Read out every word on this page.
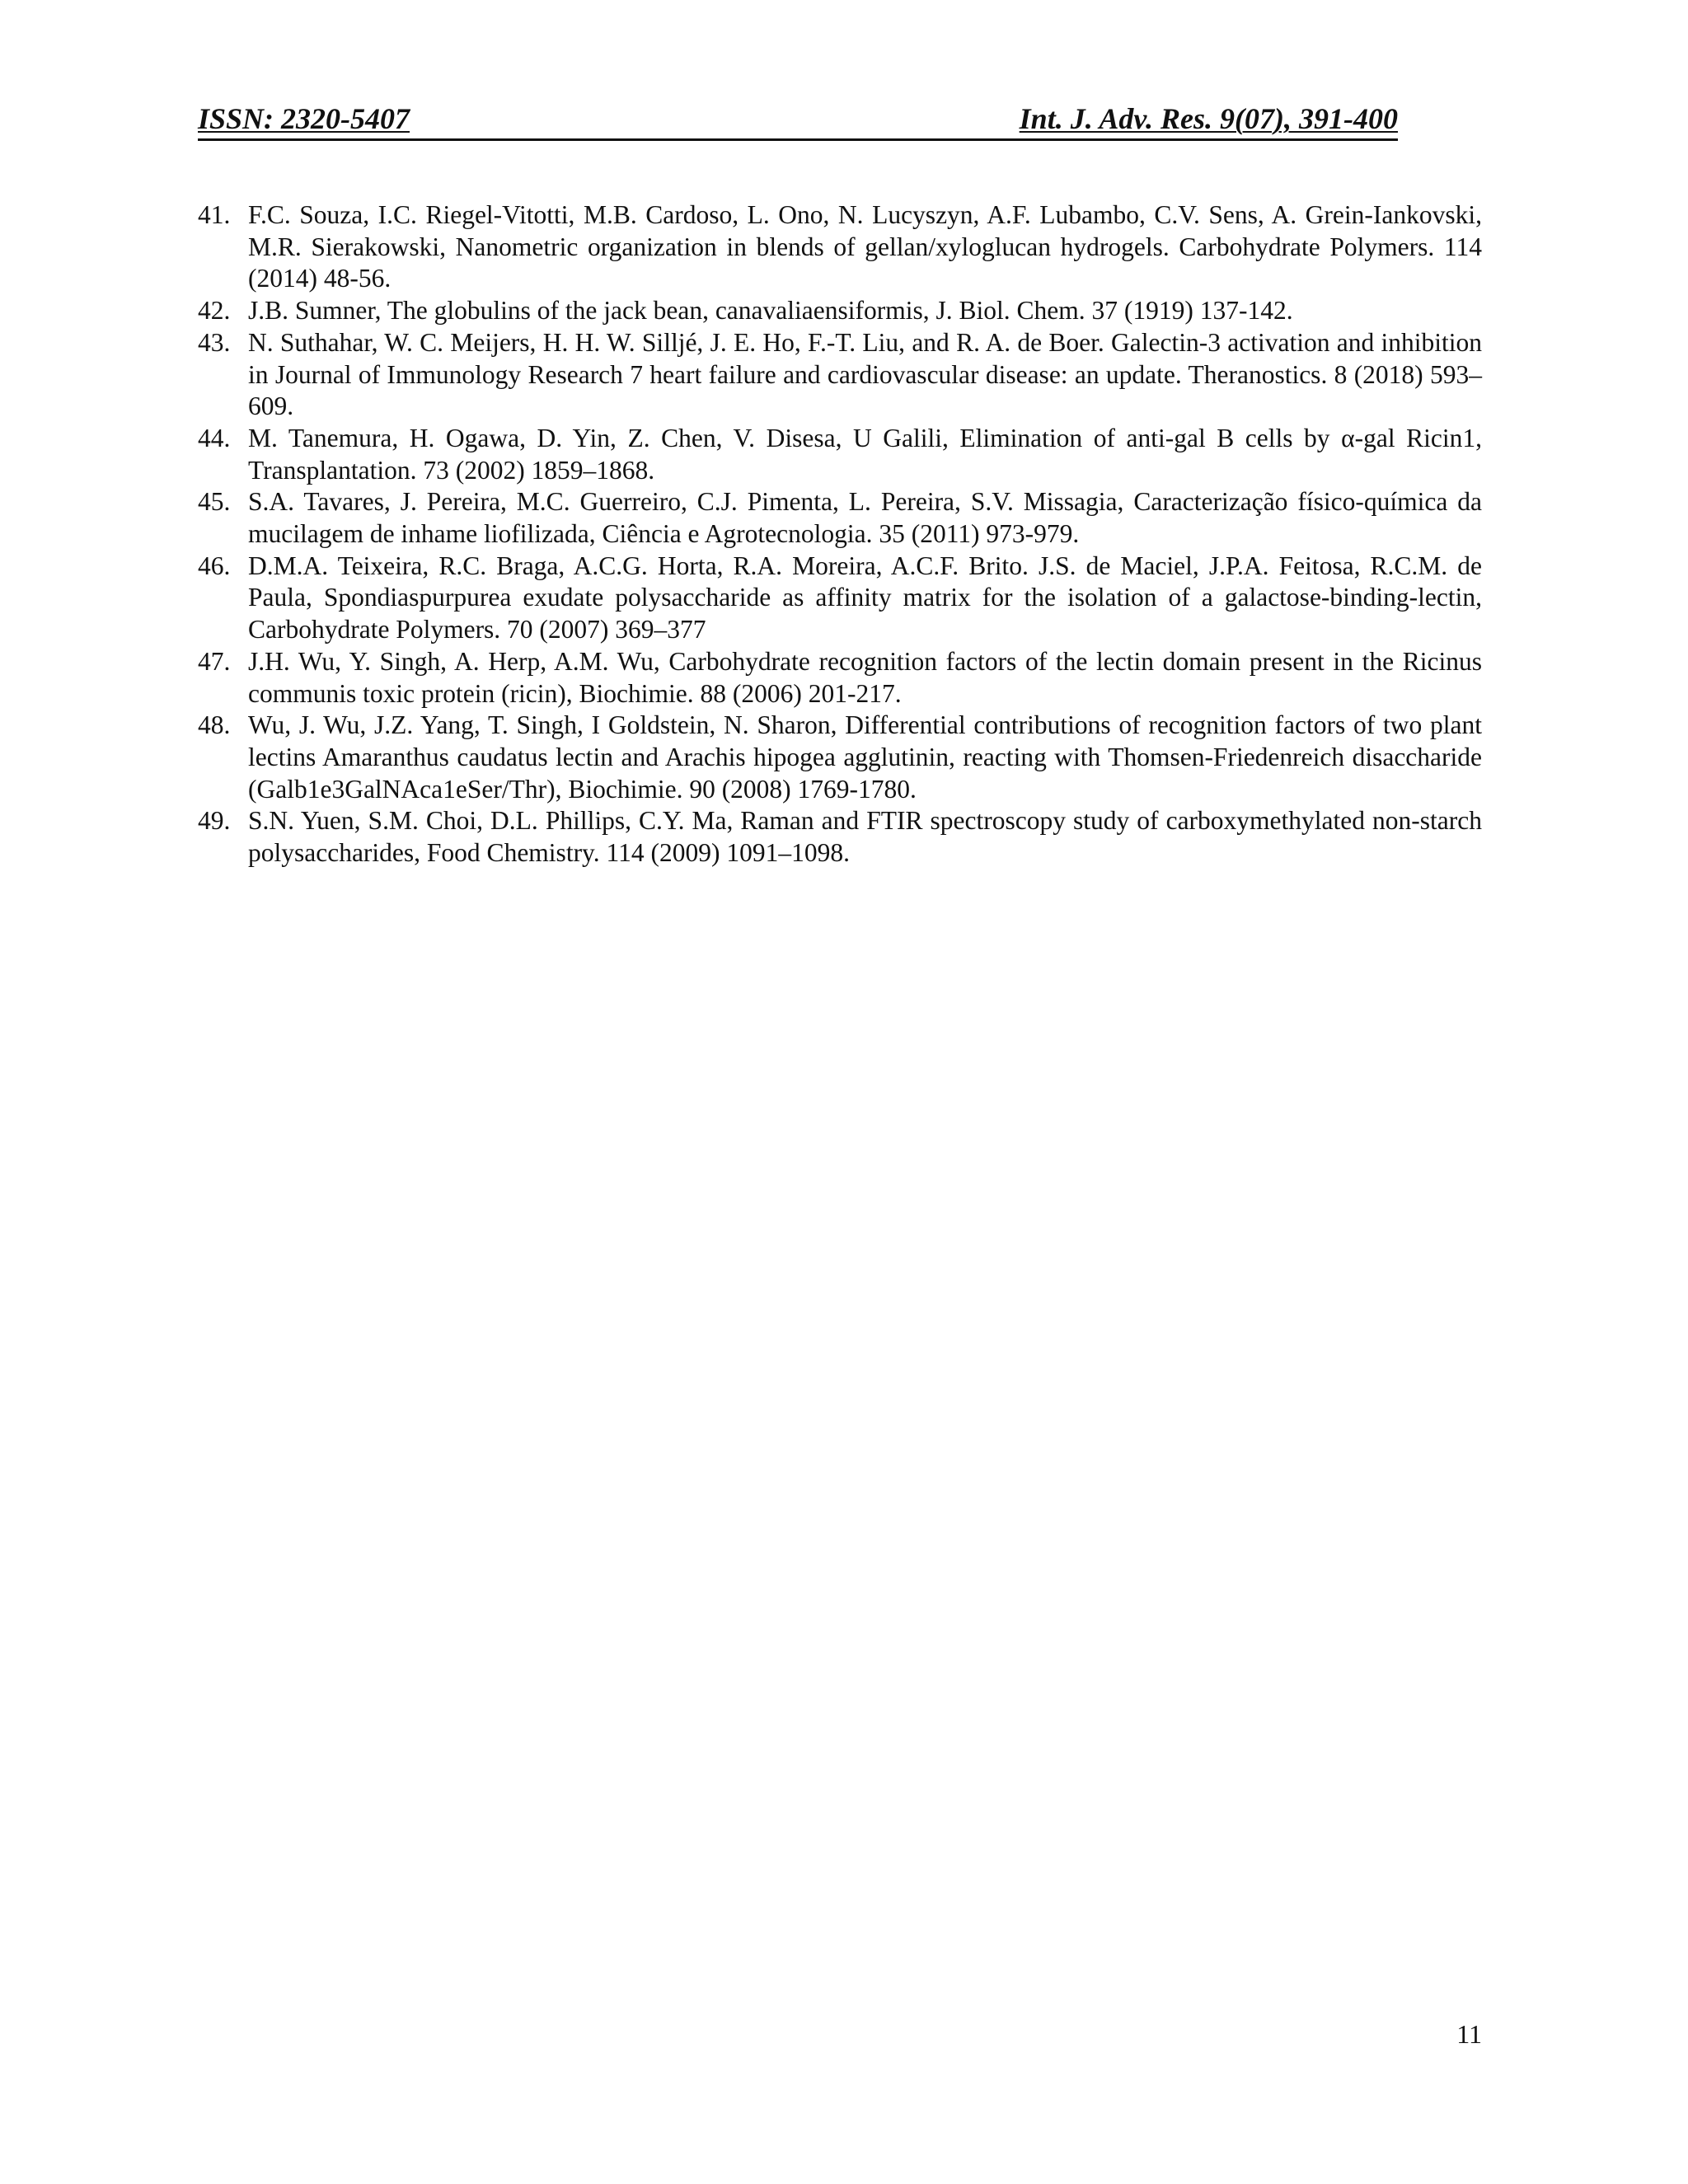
ISSN: 2320-5407	Int. J. Adv. Res. 9(07), 391-400
41. F.C. Souza, I.C. Riegel-Vitotti, M.B. Cardoso, L. Ono, N. Lucyszyn, A.F. Lubambo, C.V. Sens, A. Grein-Iankovski, M.R. Sierakowski, Nanometric organization in blends of gellan/xyloglucan hydrogels. Carbohydrate Polymers. 114 (2014) 48-56.
42. J.B. Sumner, The globulins of the jack bean, canavaliaensiformis, J. Biol. Chem. 37 (1919) 137-142.
43. N. Suthahar, W. C. Meijers, H. H. W. Silljé, J. E. Ho, F.-T. Liu, and R. A. de Boer. Galectin-3 activation and inhibition in Journal of Immunology Research 7 heart failure and cardiovascular disease: an update. Theranostics. 8 (2018) 593–609.
44. M. Tanemura, H. Ogawa, D. Yin, Z. Chen, V. Disesa, U Galili, Elimination of anti-gal B cells by α-gal Ricin1, Transplantation. 73 (2002) 1859–1868.
45. S.A. Tavares, J. Pereira, M.C. Guerreiro, C.J. Pimenta, L. Pereira, S.V. Missagia, Caracterização físico-química da mucilagem de inhame liofilizada, Ciência e Agrotecnologia. 35 (2011) 973-979.
46. D.M.A. Teixeira, R.C. Braga, A.C.G. Horta, R.A. Moreira, A.C.F. Brito. J.S. de Maciel, J.P.A. Feitosa, R.C.M. de Paula, Spondiaspurpurea exudate polysaccharide as affinity matrix for the isolation of a galactose-binding-lectin, Carbohydrate Polymers. 70 (2007) 369–377
47. J.H. Wu, Y. Singh, A. Herp, A.M. Wu, Carbohydrate recognition factors of the lectin domain present in the Ricinus communis toxic protein (ricin), Biochimie. 88 (2006) 201-217.
48. Wu, J. Wu, J.Z. Yang, T. Singh, I Goldstein, N. Sharon, Differential contributions of recognition factors of two plant lectins Amaranthus caudatus lectin and Arachis hipogea agglutinin, reacting with Thomsen-Friedenreich disaccharide (Galb1e3GalNAca1eSer/Thr), Biochimie. 90 (2008) 1769-1780.
49. S.N. Yuen, S.M. Choi, D.L. Phillips, C.Y. Ma, Raman and FTIR spectroscopy study of carboxymethylated non-starch polysaccharides, Food Chemistry. 114 (2009) 1091–1098.
11
